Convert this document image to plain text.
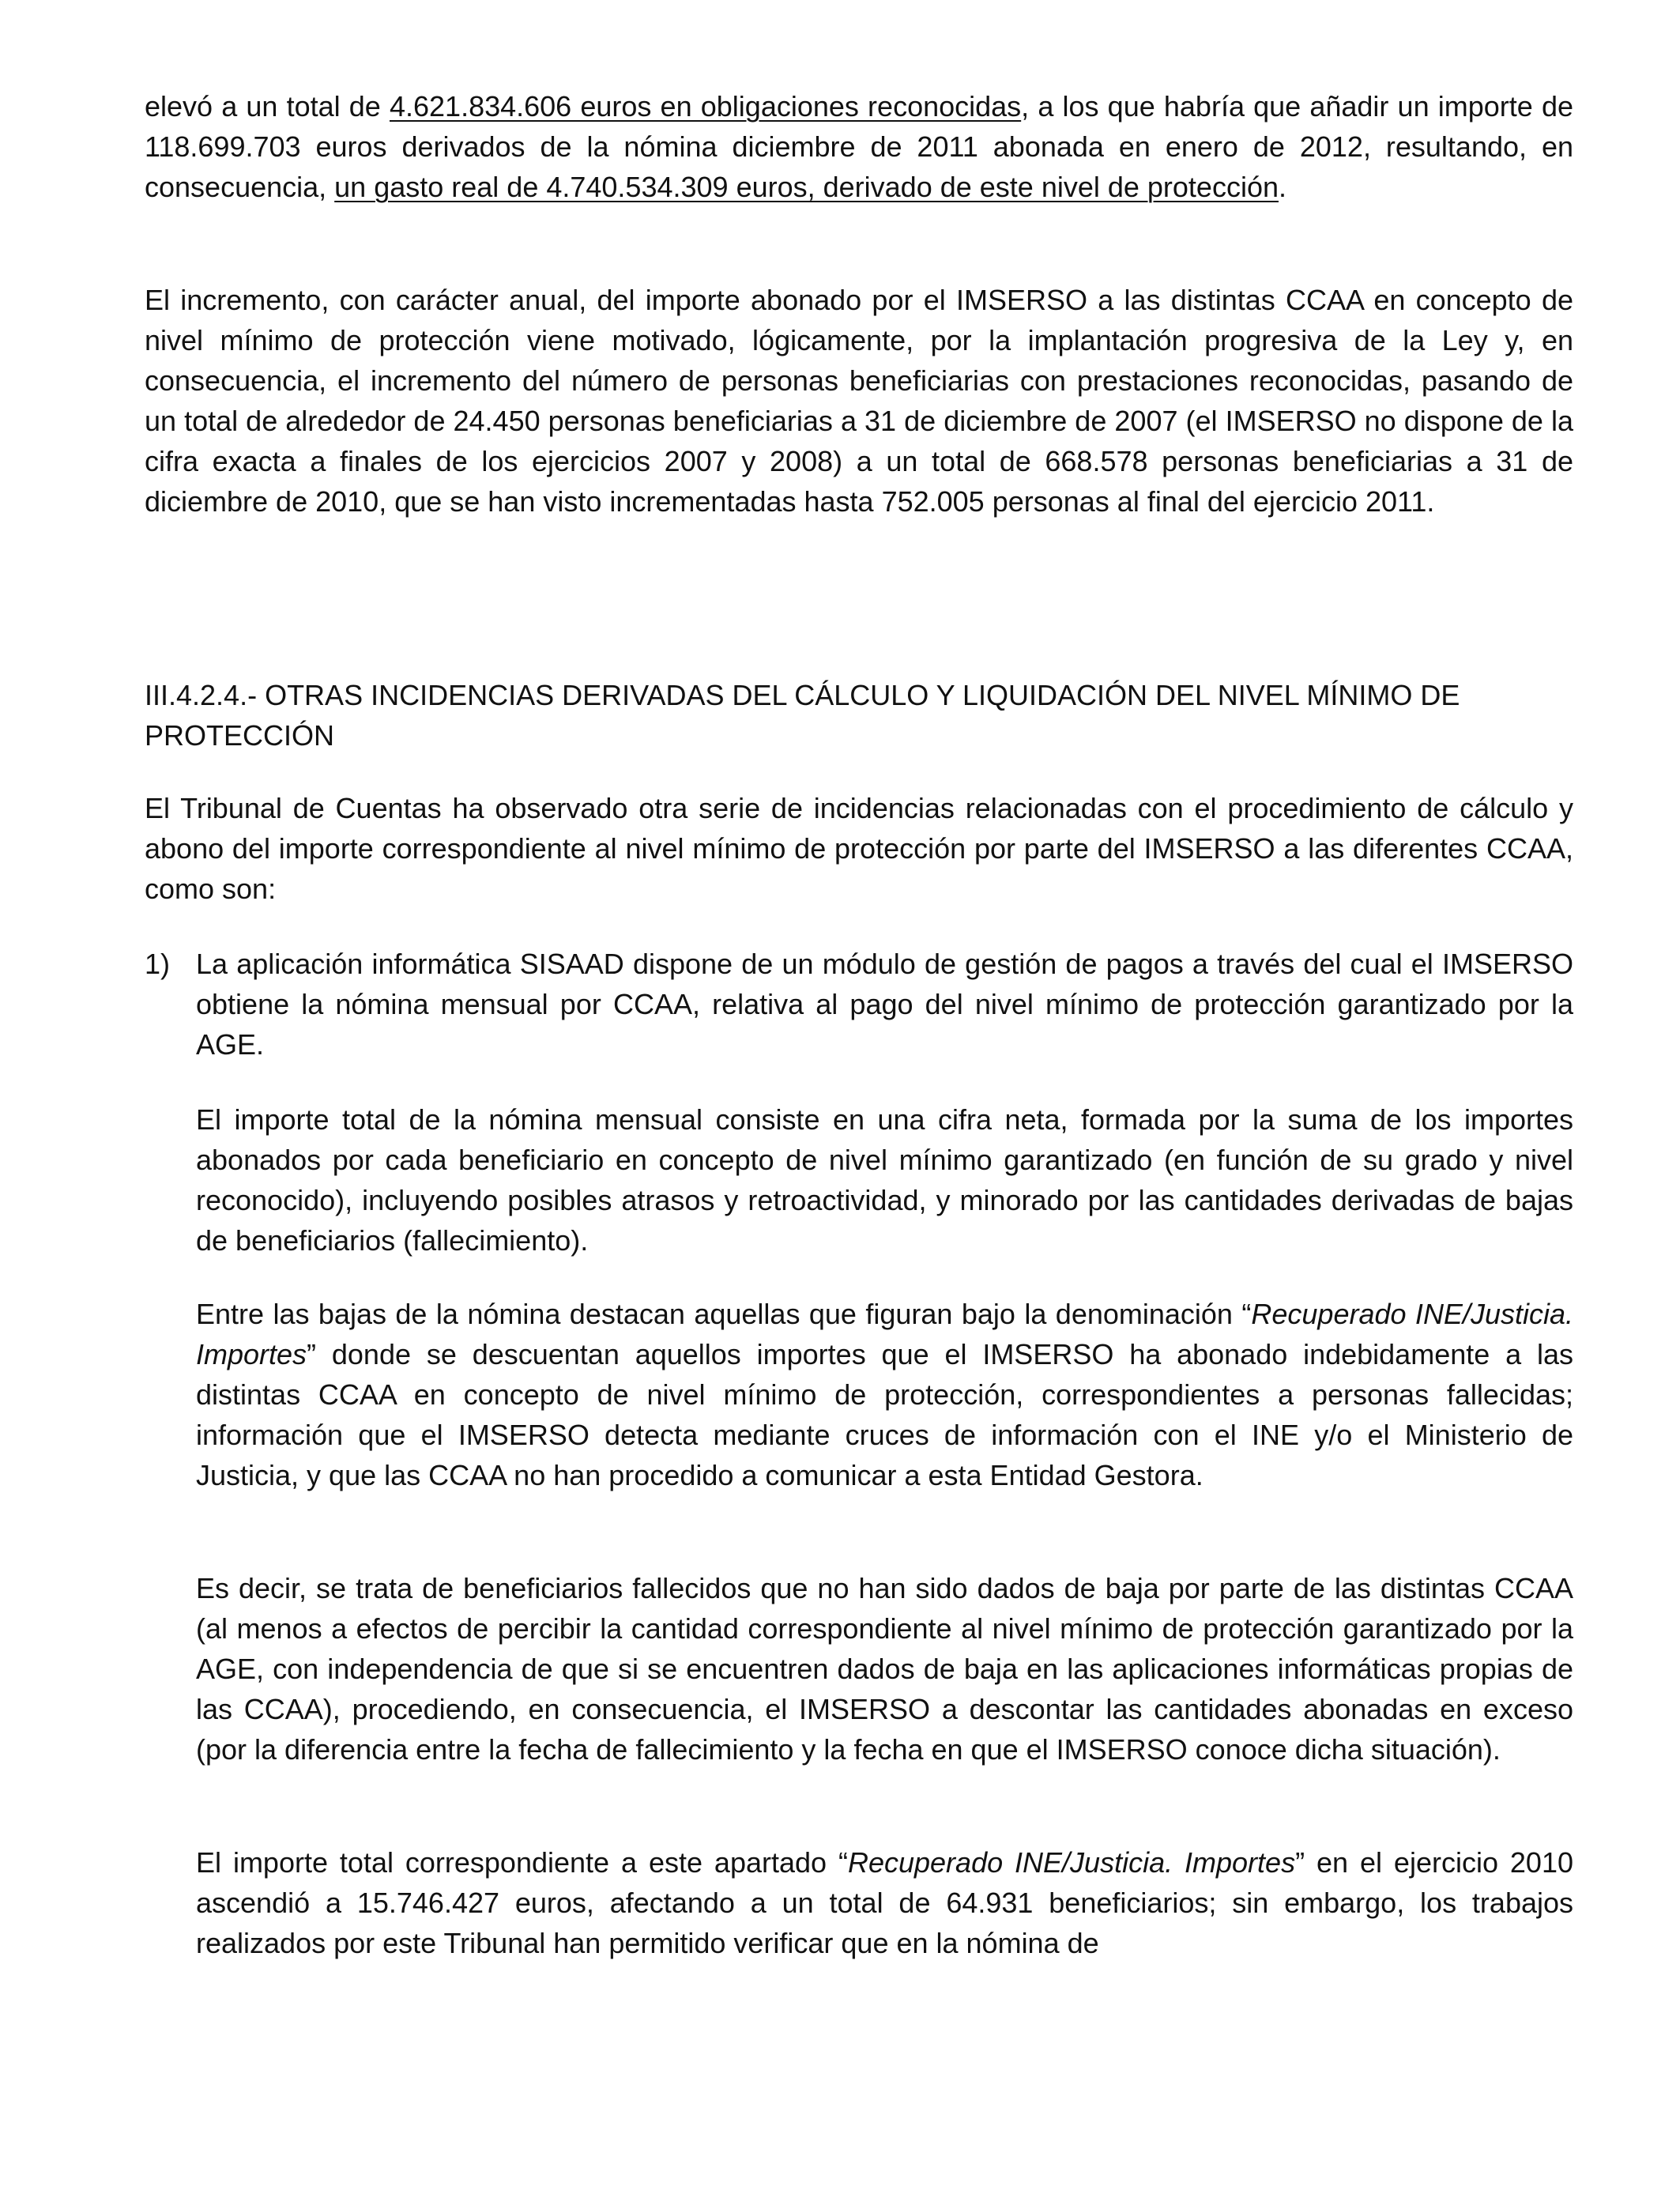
elevó a un total de 4.621.834.606 euros en obligaciones reconocidas, a los que habría que añadir un importe de 118.699.703 euros derivados de la nómina diciembre de 2011 abonada en enero de 2012, resultando, en consecuencia, un gasto real de 4.740.534.309 euros, derivado de este nivel de protección.

El incremento, con carácter anual, del importe abonado por el IMSERSO a las distintas CCAA en concepto de nivel mínimo de protección viene motivado, lógicamente, por la implantación progresiva de la Ley y, en consecuencia, el incremento del número de personas beneficiarias con prestaciones reconocidas, pasando de un total de alrededor de 24.450 personas beneficiarias a 31 de diciembre de 2007 (el IMSERSO no dispone de la cifra exacta a finales de los ejercicios 2007 y 2008) a un total de 668.578 personas beneficiarias a 31 de diciembre de 2010, que se han visto incrementadas hasta 752.005 personas al final del ejercicio 2011.

III.4.2.4.- OTRAS INCIDENCIAS DERIVADAS DEL CÁLCULO Y LIQUIDACIÓN DEL NIVEL MÍNIMO DE PROTECCIÓN

El Tribunal de Cuentas ha observado otra serie de incidencias relacionadas con el procedimiento de cálculo y abono del importe correspondiente al nivel mínimo de protección por parte del IMSERSO a las diferentes CCAA, como son:

1) La aplicación informática SISAAD dispone de un módulo de gestión de pagos a través del cual el IMSERSO obtiene la nómina mensual por CCAA, relativa al pago del nivel mínimo de protección garantizado por la AGE.

El importe total de la nómina mensual consiste en una cifra neta, formada por la suma de los importes abonados por cada beneficiario en concepto de nivel mínimo garantizado (en función de su grado y nivel reconocido), incluyendo posibles atrasos y retroactividad, y minorado por las cantidades derivadas de bajas de beneficiarios (fallecimiento).

Entre las bajas de la nómina destacan aquellas que figuran bajo la denominación “Recuperado INE/Justicia. Importes” donde se descuentan aquellos importes que el IMSERSO ha abonado indebidamente a las distintas CCAA en concepto de nivel mínimo de protección, correspondientes a personas fallecidas; información que el IMSERSO detecta mediante cruces de información con el INE y/o el Ministerio de Justicia, y que las CCAA no han procedido a comunicar a esta Entidad Gestora.

Es decir, se trata de beneficiarios fallecidos que no han sido dados de baja por parte de las distintas CCAA (al menos a efectos de percibir la cantidad correspondiente al nivel mínimo de protección garantizado por la AGE, con independencia de que si se encuentren dados de baja en las aplicaciones informáticas propias de las CCAA), procediendo, en consecuencia, el IMSERSO a descontar las cantidades abonadas en exceso (por la diferencia entre la fecha de fallecimiento y la fecha en que el IMSERSO conoce dicha situación).

El importe total correspondiente a este apartado “Recuperado INE/Justicia. Importes” en el ejercicio 2010 ascendió a 15.746.427 euros, afectando a un total de 64.931 beneficiarios; sin embargo, los trabajos realizados por este Tribunal han permitido verificar que en la nómina de
